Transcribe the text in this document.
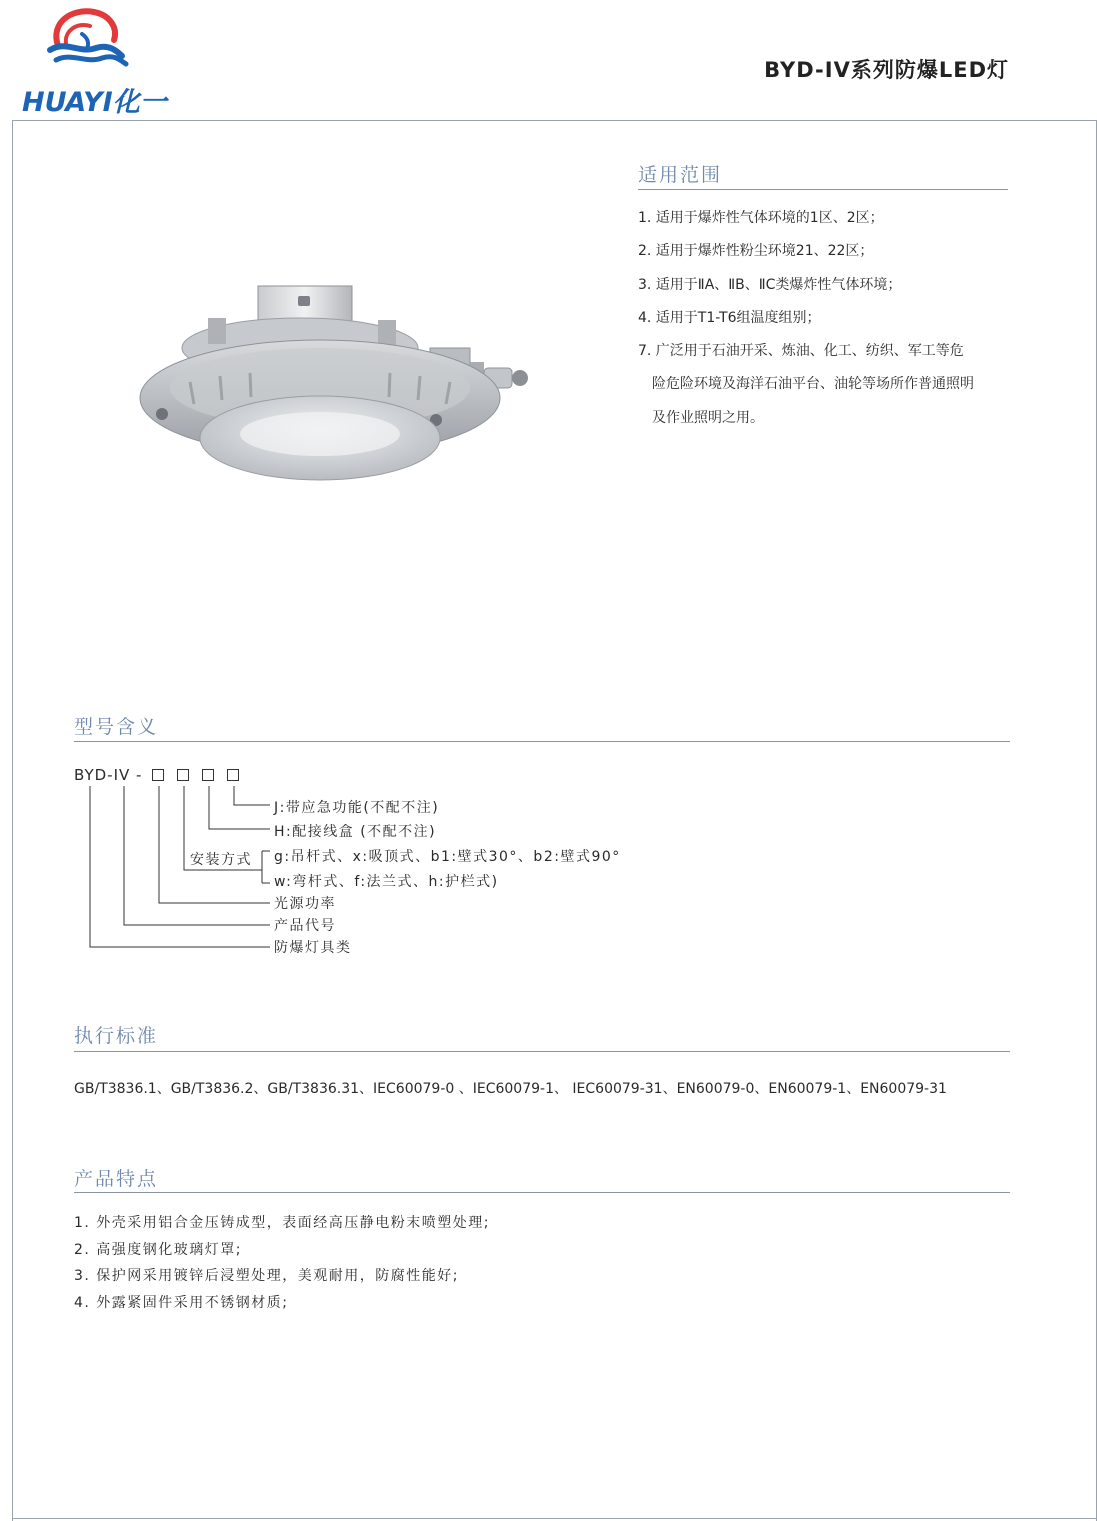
HUAYI化一
BYD-IV系列防爆LED灯
适用范围
1. 适用于爆炸性气体环境的1区、2区；
2. 适用于爆炸性粉尘环境21、22区；
3. 适用于ⅡA、ⅡB、ⅡC类爆炸性气体环境；
4. 适用于T1-T6组温度组别；
7. 广泛用于石油开采、炼油、化工、纺织、军工等危
险危险环境及海洋石油平台、油轮等场所作普通照明
及作业照明之用。
型号含义
BYD-IV -
J:带应急功能(不配不注)
H:配接线盒 (不配不注)
安装方式 g:吊杆式、x:吸顶式、b1:壁式30°、b2:壁式90°
w:弯杆式、f:法兰式、h:护栏式)
光源功率
产品代号
防爆灯具类
执行标准
GB/T3836.1、GB/T3836.2、GB/T3836.31、IEC60079-0 、IEC60079-1、 IEC60079-31、EN60079-0、EN60079-1、EN60079-31
产品特点
1. 外壳采用铝合金压铸成型，表面经高压静电粉末喷塑处理;
2. 高强度钢化玻璃灯罩;
3. 保护网采用镀锌后浸塑处理，美观耐用，防腐性能好;
4. 外露紧固件采用不锈钢材质;
